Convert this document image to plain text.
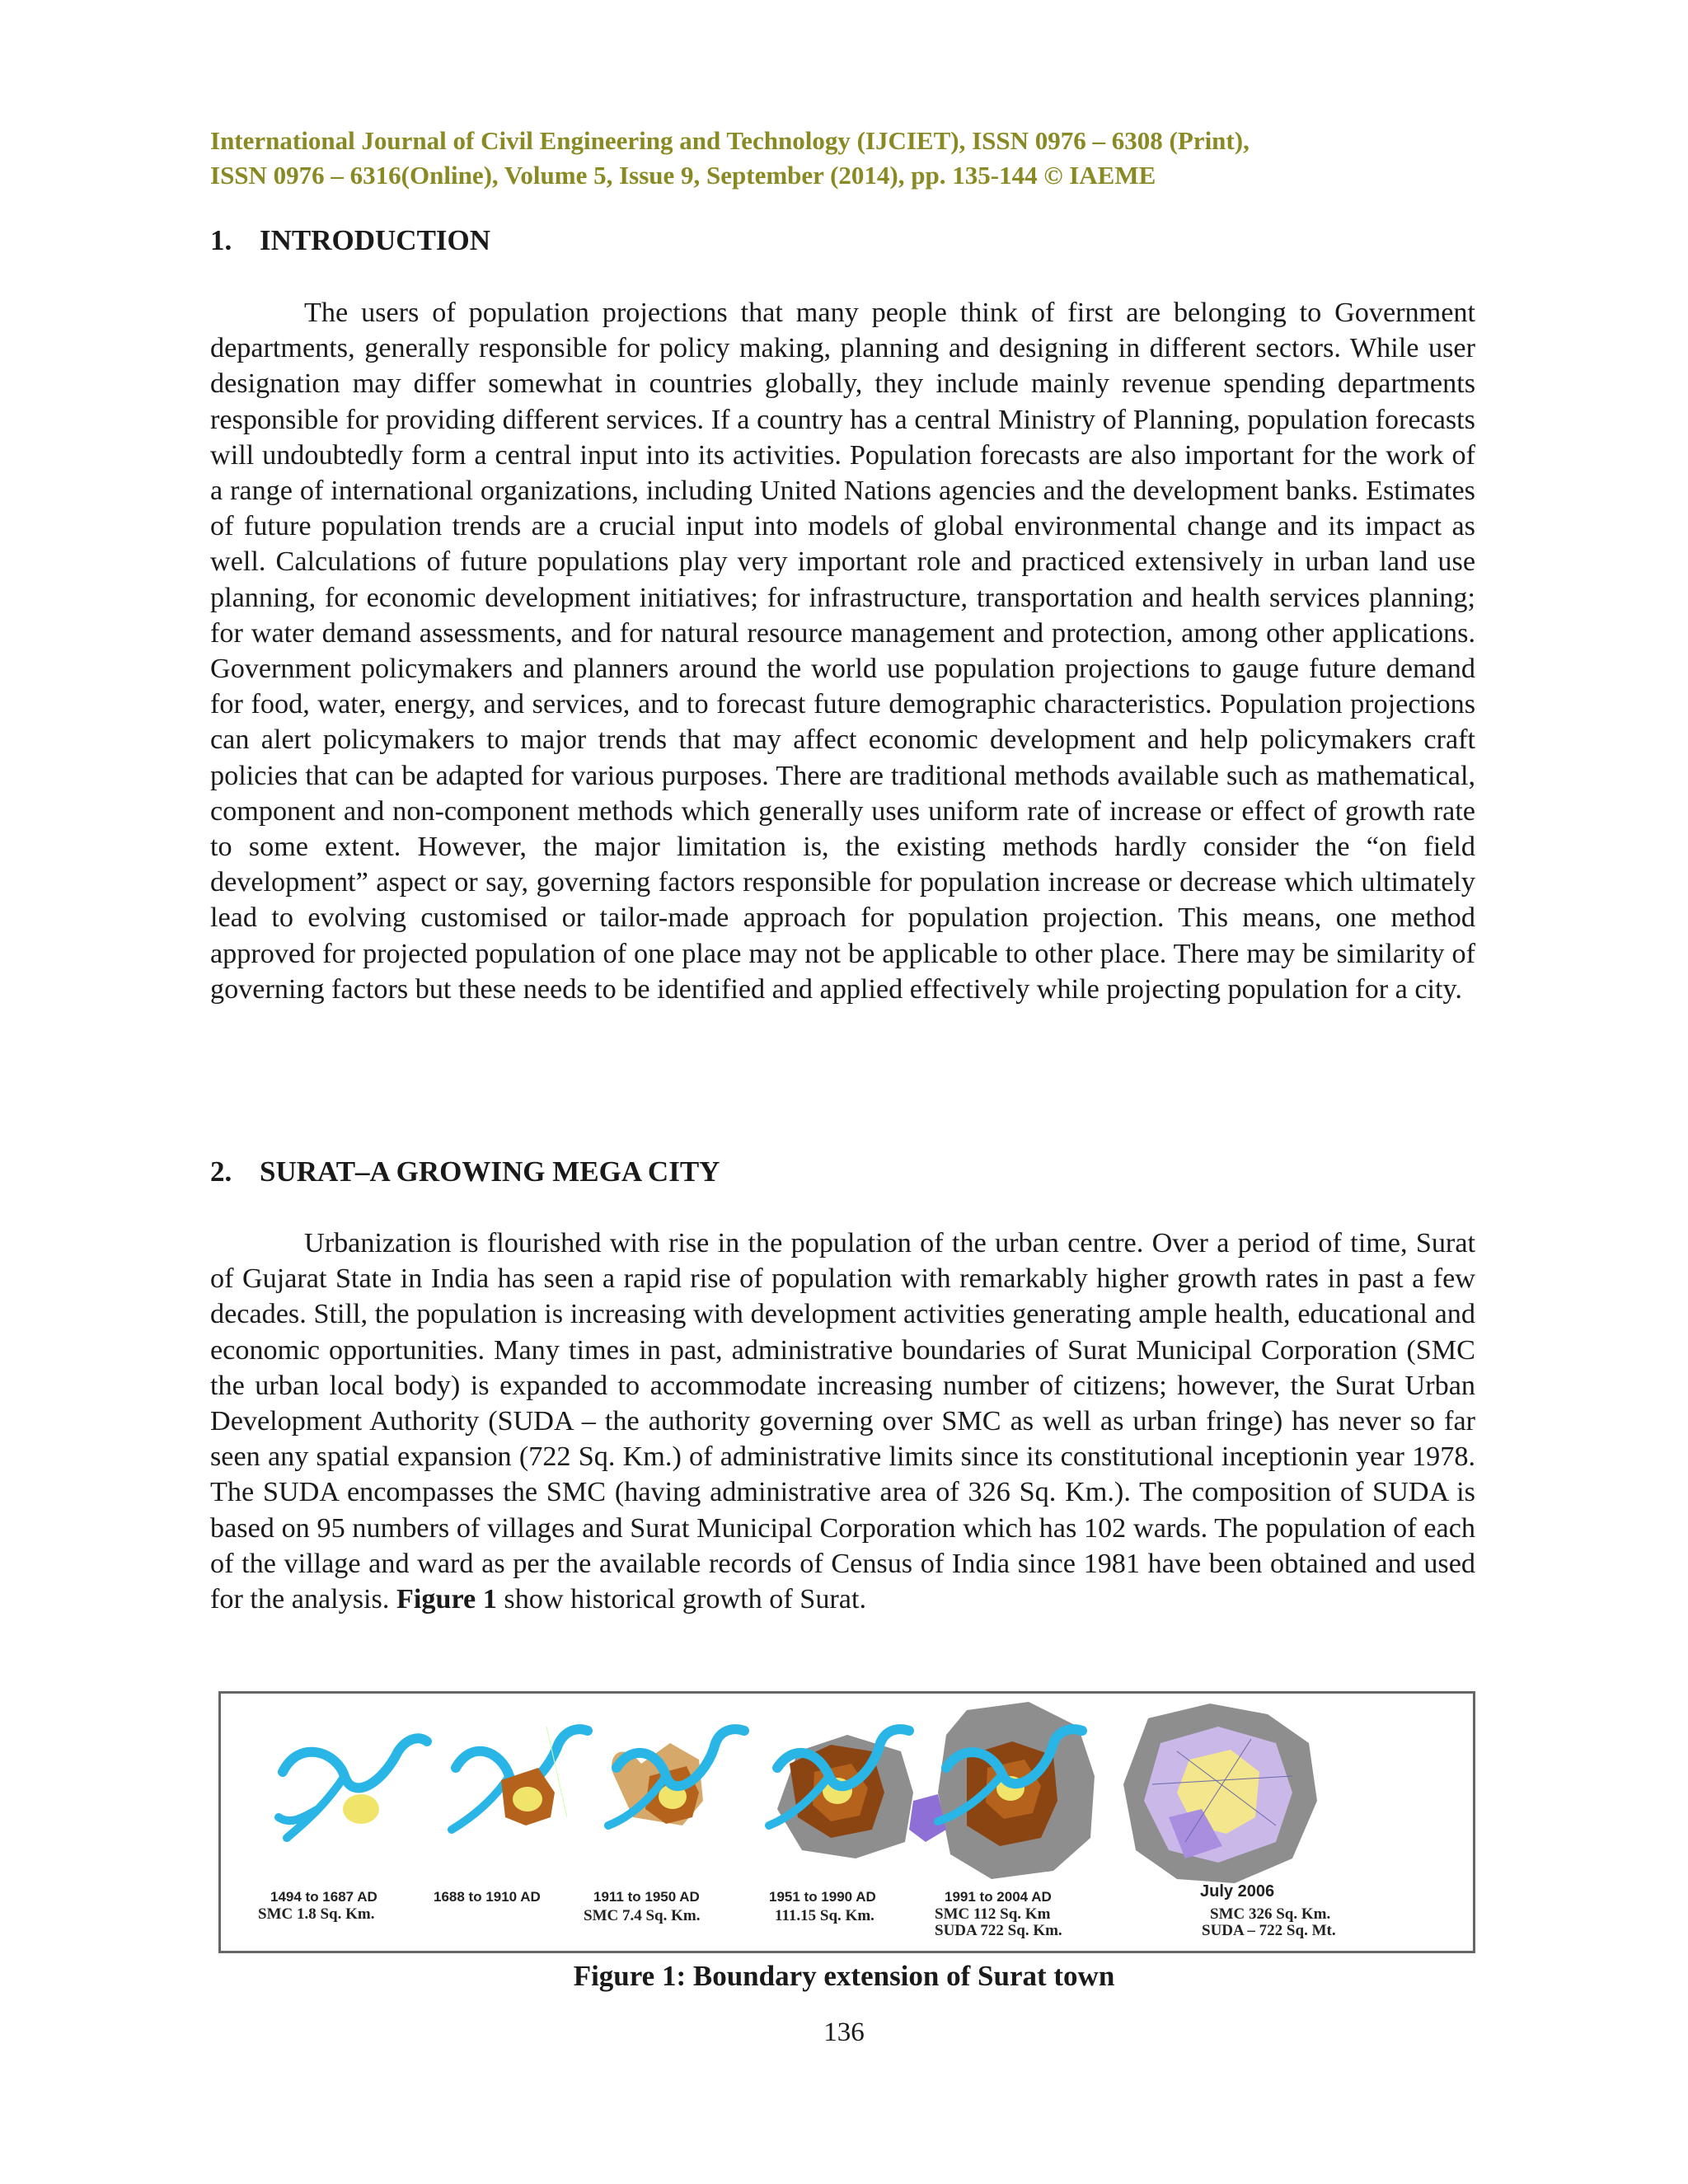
International Journal of Civil Engineering and Technology (IJCIET), ISSN 0976 – 6308 (Print),
ISSN 0976 – 6316(Online), Volume 5, Issue 9, September (2014), pp. 135-144 © IAEME
1. INTRODUCTION

The users of population projections that many people think of first are belonging to Government departments, generally responsible for policy making, planning and designing in different sectors. While user designation may differ somewhat in countries globally, they include mainly revenue spending departments responsible for providing different services. If a country has a central Ministry of Planning, population forecasts will undoubtedly form a central input into its activities. Population forecasts are also important for the work of a range of international organizations, including United Nations agencies and the development banks. Estimates of future population trends are a crucial input into models of global environmental change and its impact as well. Calculations of future populations play very important role and practiced extensively in urban land use planning, for economic development initiatives; for infrastructure, transportation and health services planning; for water demand assessments, and for natural resource management and protection, among other applications. Government policymakers and planners around the world use population projections to gauge future demand for food, water, energy, and services, and to forecast future demographic characteristics. Population projections can alert policymakers to major trends that may affect economic development and help policymakers craft policies that can be adapted for various purposes. There are traditional methods available such as mathematical, component and non-component methods which generally uses uniform rate of increase or effect of growth rate to some extent. However, the major limitation is, the existing methods hardly consider the “on field development” aspect or say, governing factors responsible for population increase or decrease which ultimately lead to evolving customised or tailor-made approach for population projection. This means, one method approved for projected population of one place may not be applicable to other place. There may be similarity of governing factors but these needs to be identified and applied effectively while projecting population for a city.

2. SURAT–A GROWING MEGA CITY

Urbanization is flourished with rise in the population of the urban centre. Over a period of time, Surat of Gujarat State in India has seen a rapid rise of population with remarkably higher growth rates in past a few decades. Still, the population is increasing with development activities generating ample health, educational and economic opportunities. Many times in past, administrative boundaries of Surat Municipal Corporation (SMC the urban local body) is expanded to accommodate increasing number of citizens; however, the Surat Urban Development Authority (SUDA – the authority governing over SMC as well as urban fringe) has never so far seen any spatial expansion (722 Sq. Km.) of administrative limits since its constitutional inceptionin year 1978. The SUDA encompasses the SMC (having administrative area of 326 Sq. Km.). The composition of SUDA is based on 95 numbers of villages and Surat Municipal Corporation which has 102 wards. The population of each of the village and ward as per the available records of Census of India since 1981 have been obtained and used for the analysis. Figure 1 show historical growth of Surat.

1494 to 1687 AD
SMC 1.8 Sq. Km.
1688 to 1910 AD	1911 to 1950 AD
SMC 7.4 Sq. Km.
1951 to 1990 AD
111.15 Sq. Km.
1991 to 2004 AD
SMC 112 Sq. Km
SUDA 722 Sq. Km.
July 2006
SMC 326 Sq. Km.
SUDA – 722 Sq. Mt.
Figure 1: Boundary extension of Surat town
136
